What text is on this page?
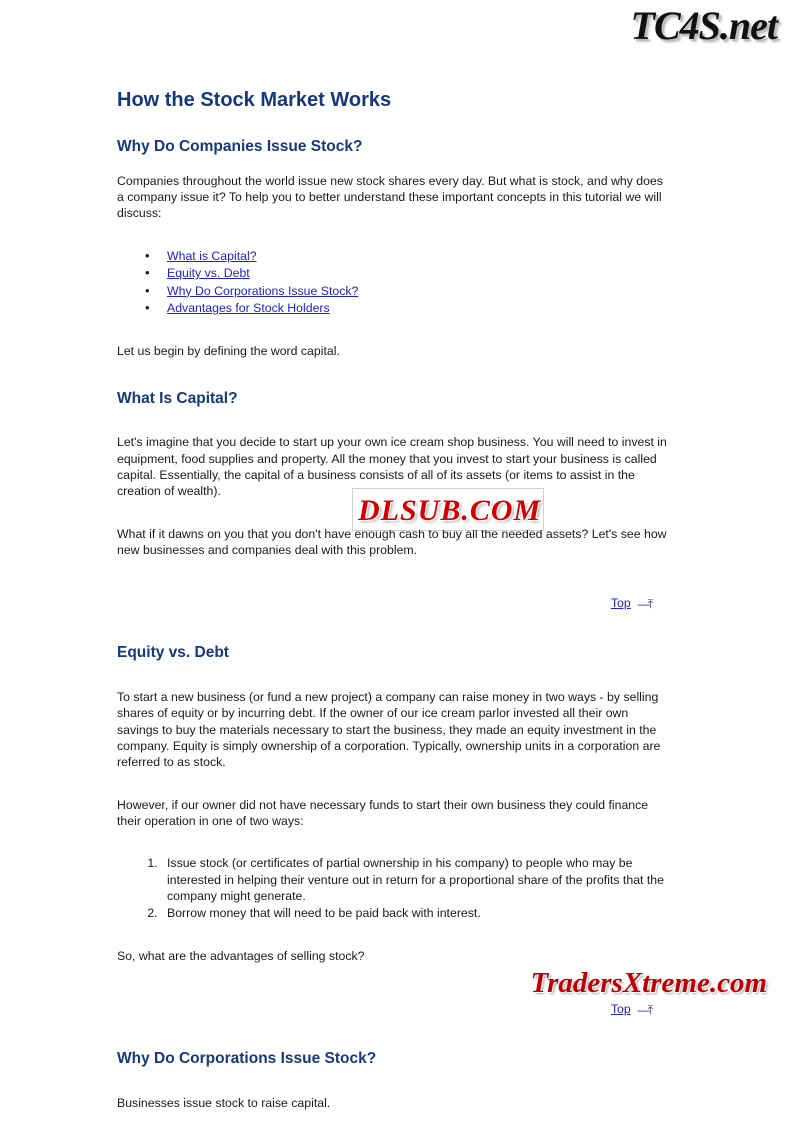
TC4S.net
How the Stock Market Works
Why Do Companies Issue Stock?

Companies throughout the world issue new stock shares every day. But what is stock, and why does a company issue it? To help you to better understand these important concepts in this tutorial we will discuss:

• What is Capital?
• Equity vs. Debt
• Why Do Corporations Issue Stock?
• Advantages for Stock Holders

Let us begin by defining the word capital.

What Is Capital?

Let's imagine that you decide to start up your own ice cream shop business. You will need to invest in equipment, food supplies and property. All the money that you invest to start your business is called capital. Essentially, the capital of a business consists of all of its assets (or items to assist in the creation of wealth).

What if it dawns on you that you don't have enough cash to buy all the needed assets? Let's see how new businesses and companies deal with this problem.

Top —⤒
Equity vs. Debt

To start a new business (or fund a new project) a company can raise money in two ways - by selling shares of equity or by incurring debt. If the owner of our ice cream parlor invested all their own savings to buy the materials necessary to start the business, they made an equity investment in the company. Equity is simply ownership of a corporation. Typically, ownership units in a corporation are referred to as stock.

However, if our owner did not have necessary funds to start their own business they could finance their operation in one of two ways:

1. Issue stock (or certificates of partial ownership in his company) to people who may be interested in helping their venture out in return for a proportional share of the profits that the company might generate.
2. Borrow money that will need to be paid back with interest.

So, what are the advantages of selling stock?

Top —⤒
Why Do Corporations Issue Stock?

Businesses issue stock to raise capital.

DLSUB.COM
TradersXtreme.com
